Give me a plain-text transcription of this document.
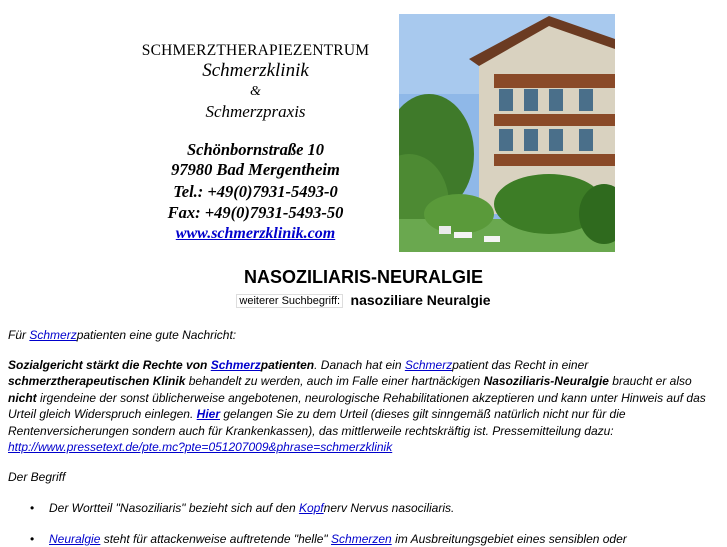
SCHMERZTHERAPIEZENTRUM
Schmerzklinik
&
Schmerzpraxis
Schönbornstraße 10
97980 Bad Mergentheim
Tel.: +49(0)7931-5493-0
Fax: +49(0)7931-5493-50
www.schmerzklinik.com
NASOZILIARIS-NEURALGIE
weiterer Suchbegriff: nasoziliare Neuralgie
Für Schmerzpatienten eine gute Nachricht:
Sozialgericht stärkt die Rechte von Schmerzpatienten. Danach hat ein Schmerzpatient das Recht in einer schmerztherapeutischen Klinik behandelt zu werden, auch im Falle einer hartnäckigen Nasoziliaris-Neuralgie braucht er also nicht irgendeine der sonst üblicherweise angebotenen, neurologische Rehabilitationen akzeptieren und kann unter Hinweis auf das Urteil gleich Widerspruch einlegen. Hier gelangen Sie zu dem Urteil (dieses gilt sinngemäß natürlich nicht nur für die Rentenversicherungen sondern auch für Krankenkassen), das mittlerweile rechtskräftig ist. Pressemitteilung dazu: http://www.pressetext.de/pte.mc?pte=051207009&phrase=schmerzklinik
Der Begriff
Der Wortteil "Nasoziliaris" bezieht sich auf den Kopfnerv Nervus nasociliaris.
Neuralgie steht für attackenweise auftretende "helle" Schmerzen im Ausbreitungsgebiet eines sensiblen oder
